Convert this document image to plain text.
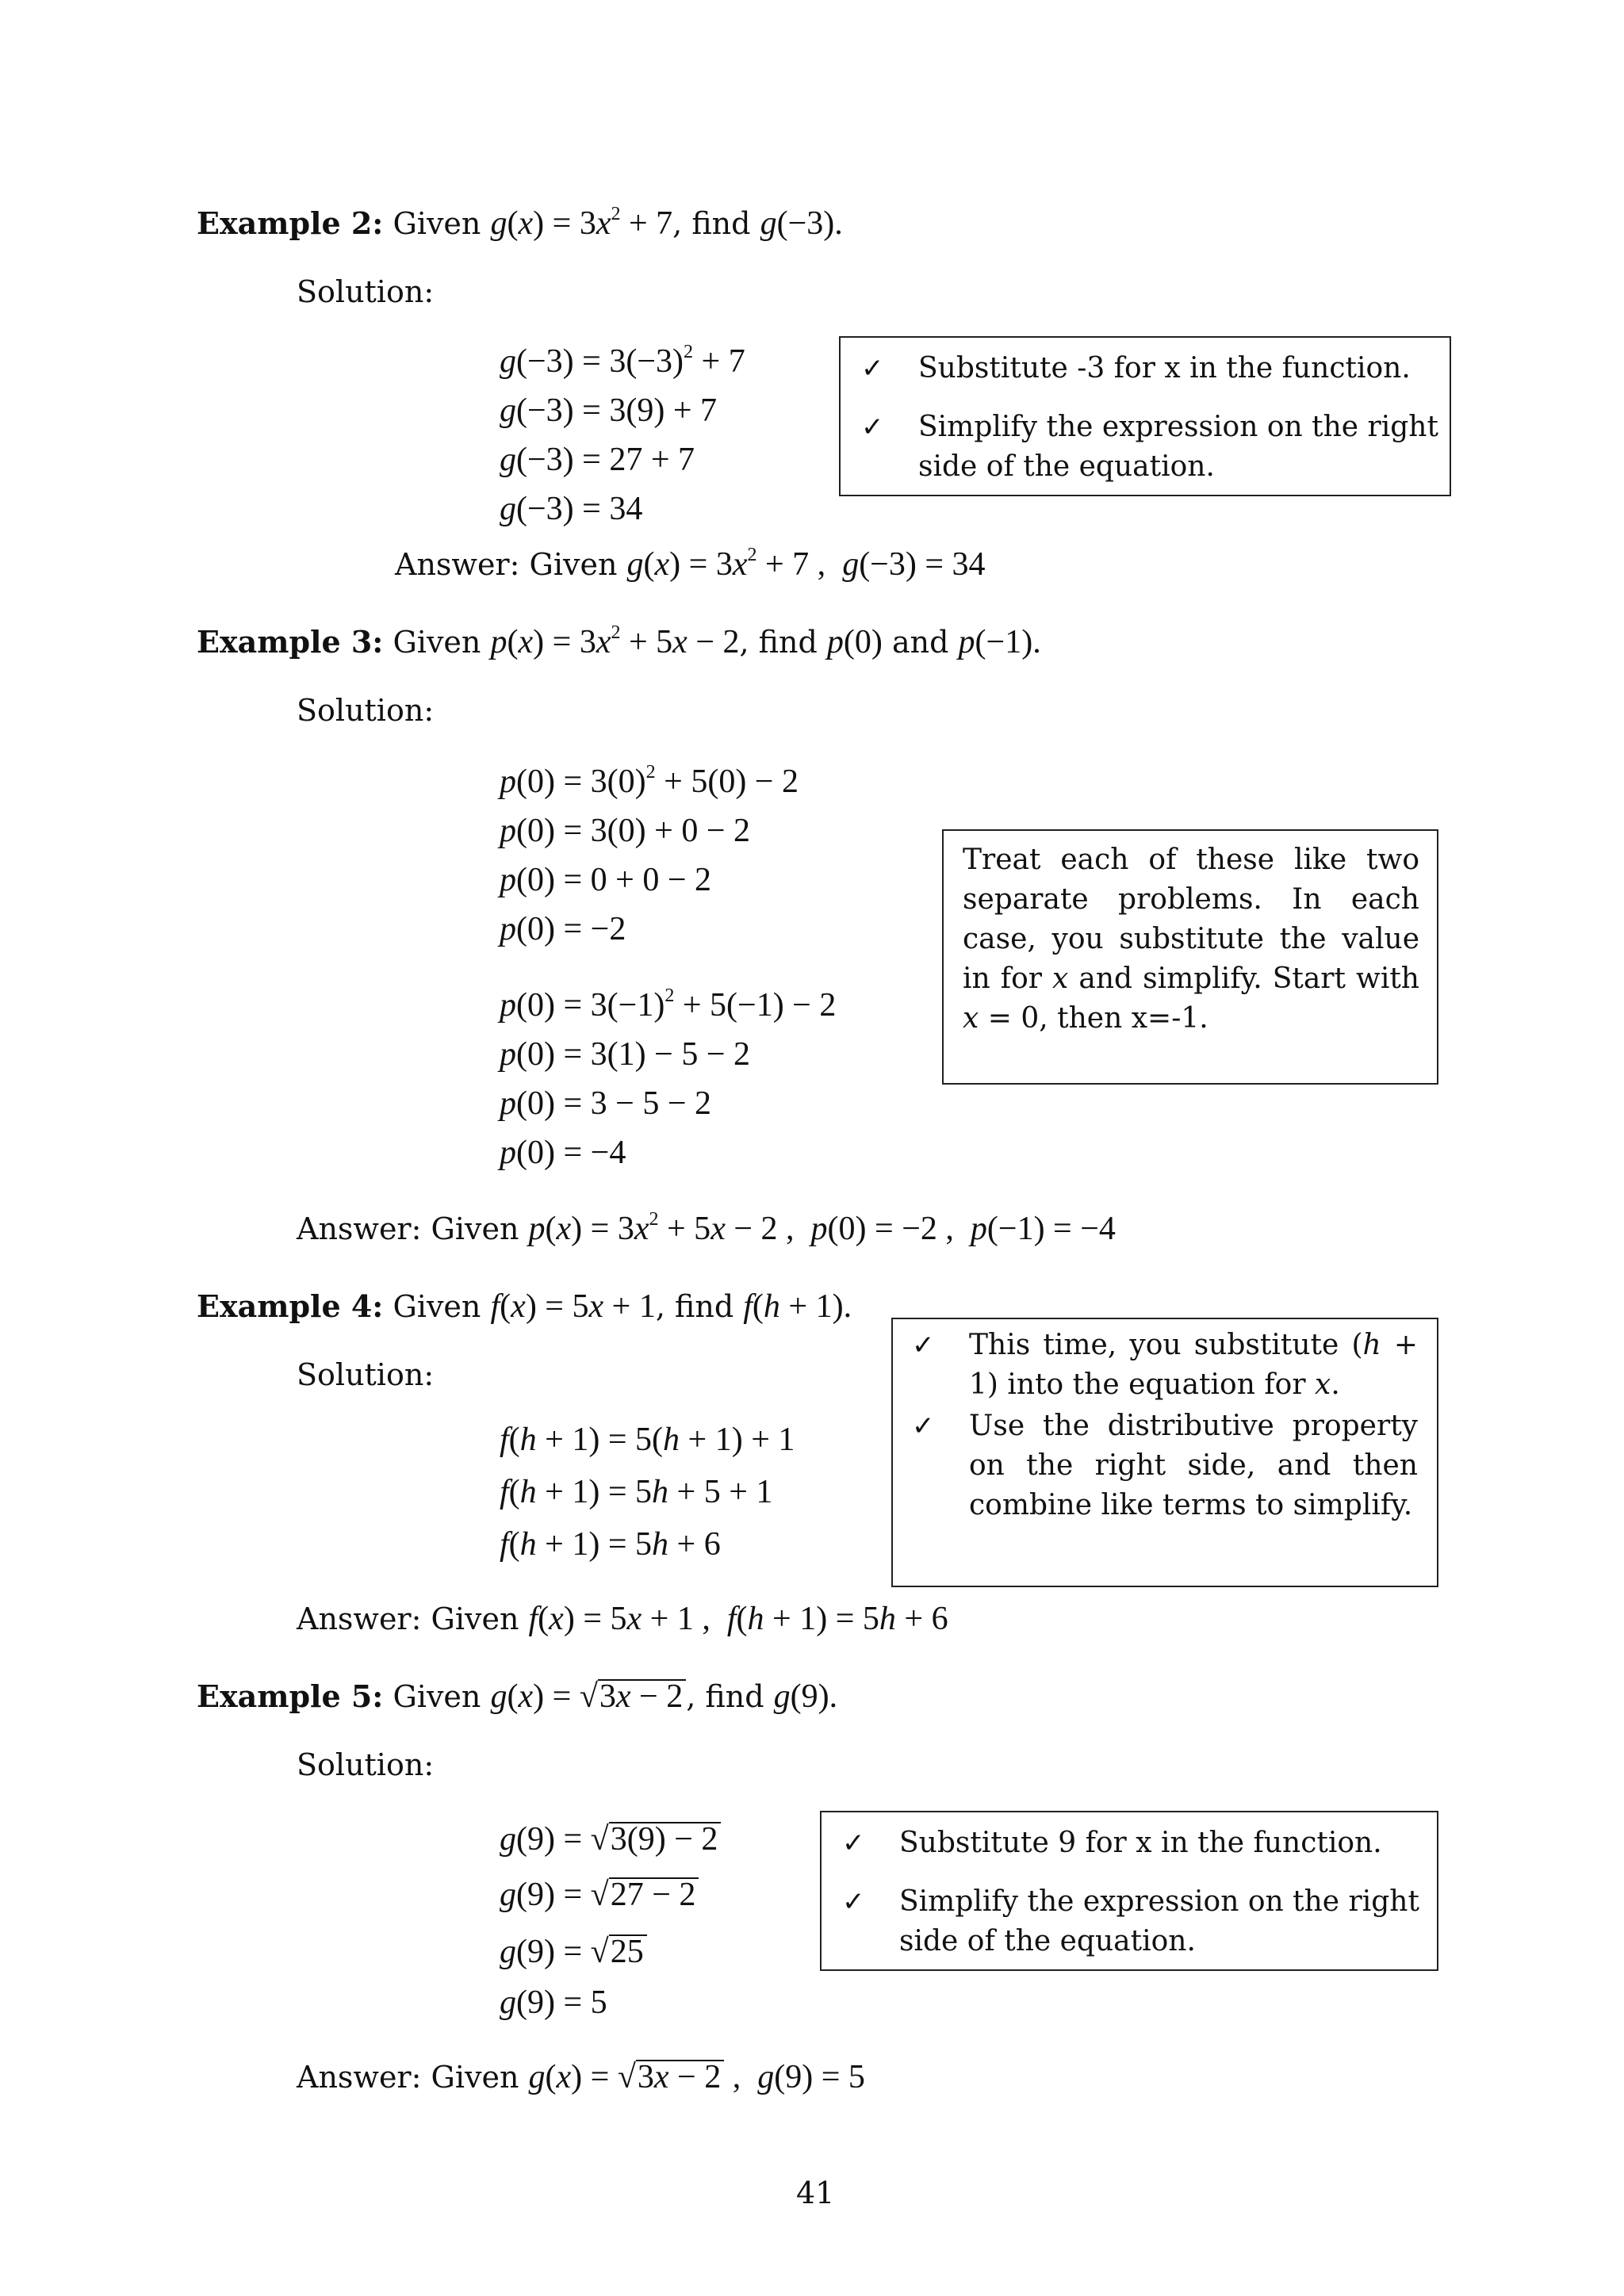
Example 2: Given $g(x) = 3x^2 + 7$, find g(−3).
Solution:
$g(-3) = 3(-3)^2 + 7$
g(−3) = 3(9) + 7
g(−3) = 27 + 7
g(−3) = 34
✓ Substitute -3 for x in the function.
✓ Simplify the expression on the right side of the equation.
Answer: Given $g(x) = 3x^2 + 7$ ,  g(−3) = 34
Example 3: Given $p(x) = 3x^2 + 5x - 2$, find p(0) and p(−1).
Solution:
$p(0) = 3(0)^2 + 5(0) - 2$
p(0) = 3(0) + 0 − 2
p(0) = 0 + 0 − 2
p(0) = −2
$p(0) = 3(-1)^2 + 5(-1) - 2$
p(0) = 3(1) − 5 − 2
p(0) = 3 − 5 − 2
p(0) = −4
Treat each of these like two separate problems. In each case, you substitute the value in for x and simplify. Start with x = 0, then x=-1.
Answer: Given $p(x) = 3x^2 + 5x - 2$ ,  p(0) = −2 ,  p(−1) = −4
Example 4: Given f(x) = 5x + 1, find f(h + 1).
Solution:
f(h + 1) = 5(h + 1) + 1
f(h + 1) = 5h + 5 + 1
f(h + 1) = 5h + 6
✓ This time, you substitute (h + 1) into the equation for x.
✓ Use the distributive property on the right side, and then combine like terms to simplify.
Answer: Given f(x) = 5x + 1 ,  f(h + 1) = 5h + 6
Example 5: Given g(x) = √3x − 2 , find g(9).
Solution:
g(9) = √3(9) − 2
g(9) = √27 − 2
g(9) = √25
g(9) = 5
✓ Substitute 9 for x in the function.
✓ Simplify the expression on the right side of the equation.
Answer: Given g(x) = √3x − 2 ,  g(9) = 5
41
